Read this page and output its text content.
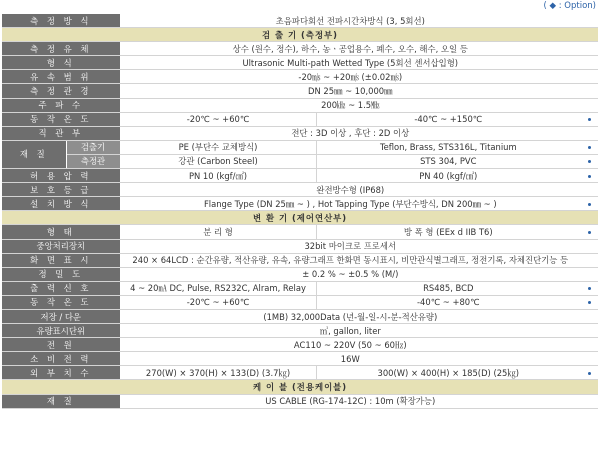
( ◆ : Option)
측 정 방 식		초음파다회선 전파시간차방식 (3, 5회선)		
검 출 기 (측정부)				
측 정 유 체		상수 (원수, 정수), 하수, 농ㆍ공업용수, 폐수, 오수, 해수, 오일 등		
형 식		Ultrasonic Multi-path Wetted Type (5회선 센서삽입형)		
유 속 범 위		-20㎧ ~ +20㎧ (±0.02㎧)		
측 정 관 경		DN 25㎜ ~ 10,000㎜		
주 파 수		200㎑ ~ 1.5㎒		
동 작 온 도		-20℃ ~ +60℃	-40℃ ~ +150℃	
직 관 부		전단 : 3D 이상 , 후단 : 2D 이상		
재 질	검출기	PE (부단수 교체방식)	Teflon, Brass, STS316L, Titanium	
	측정관	강관 (Carbon Steel)	STS 304, PVC	
허 용 압 력		PN 10 (kgf/㎠)	PN 40 (kgf/㎠)	
보 호 등 급		완전방수형 (IP68)		
설 치 방 식		Flange Type (DN 25㎜ ~ ) , Hot Tapping Type (부단수방식, DN 200㎜ ~ )		
변 환 기 (제어연산부)				
형 태		분 리 형	방 폭 형 (EEx d IIB T6)	
중앙처리장치		32bit 마이크로 프로세서		
화 면 표 시		240 × 64LCD : 순간유량, 적산유량, 유속, 유량그래프 한화면 동시표시, 비만관식별그래프, 정전기록, 자체진단기능 등		
정 밀 도		± 0.2 % ~ ±0.5 % (M/)		
출 력 신 호		4 ~ 20㎃ DC, Pulse, RS232C, Alram, Relay	RS485, BCD	
동 작 온 도		-20℃ ~ +60℃	-40℃ ~ +80℃	
저장 / 다운		(1MB) 32,000Data (년-월-일-시-분-적산유량)		
유량표시단위		㎥, gallon, liter		
전 원		AC110 ~ 220V (50 ~ 60㎐)		
소 비 전 력		16W		
외 부 치 수		270(W) × 370(H) × 133(D) (3.7㎏)	300(W) × 400(H) × 185(D) (25㎏)	
케 이 블 (전용케이블)				
재 질		US CABLE (RG-174-12C) : 10m (확장가능)		
